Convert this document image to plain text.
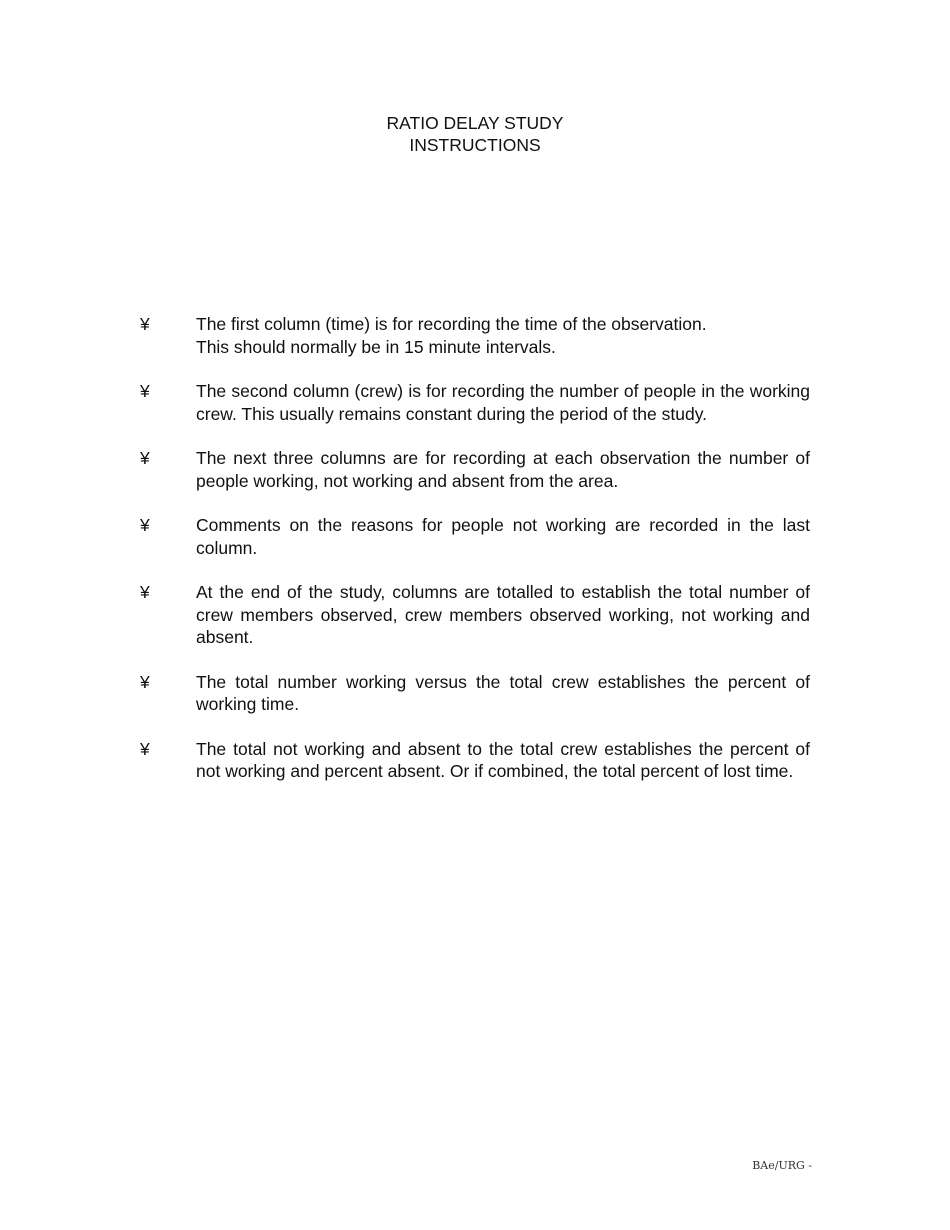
RATIO DELAY STUDY
INSTRUCTIONS
¥	The first column (time) is for recording the time of the observation.
This should normally be in 15 minute intervals.
¥	The second column (crew) is for recording the number of people in the working crew. This usually remains constant during the period of the study.
¥	The next three columns are for recording at each observation the number of people working, not working and absent from the area.
¥	Comments on the reasons for people not working are recorded in the last column.
¥	At the end of the study, columns are totalled to establish the total number of crew members observed, crew members observed working, not working and absent.
¥	The total number working versus the total crew establishes the percent of working time.
¥	The total not working and absent to the total crew establishes the percent of not working and percent absent. Or if combined, the total percent of lost time.
BAe/URG -
